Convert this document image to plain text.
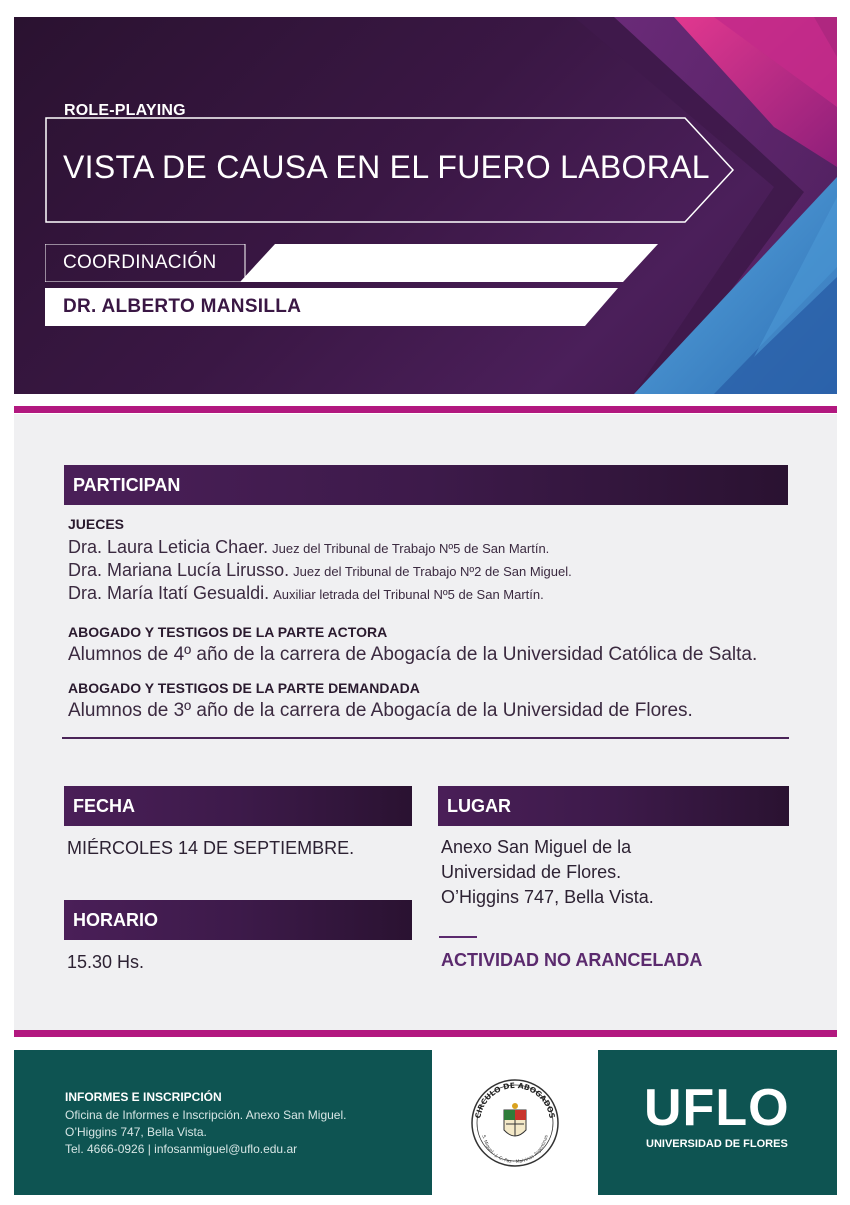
ROLE-PLAYING
VISTA DE CAUSA EN EL FUERO LABORAL
COORDINACIÓN
DR. ALBERTO MANSILLA
PARTICIPAN
JUECES
Dra. Laura Leticia Chaer. Juez del Tribunal de Trabajo Nº5 de San Martín.
Dra. Mariana Lucía Lirusso. Juez del Tribunal de Trabajo Nº2 de San Miguel.
Dra. María Itatí Gesualdi. Auxiliar letrada del Tribunal Nº5 de San Martín.
ABOGADO Y TESTIGOS DE LA PARTE ACTORA
Alumnos de 4º año de la carrera de Abogacía de la Universidad Católica de Salta.
ABOGADO Y TESTIGOS DE LA PARTE DEMANDADA
Alumnos de 3º año de la carrera de Abogacía de la Universidad de Flores.
FECHA
MIÉRCOLES 14 DE SEPTIEMBRE.
HORARIO
15.30 Hs.
LUGAR
Anexo San Miguel de la
Universidad de Flores.
O’Higgins 747, Bella Vista.
ACTIVIDAD NO ARANCELADA
INFORMES E INSCRIPCIÓN
Oficina de Informes e Inscripción. Anexo San Miguel.
O’Higgins 747, Bella Vista.
Tel. 4666-0926 | infosanmiguel@uflo.edu.ar
CIRCULO DE ABOGADOS
S. Miguel · J. C. Paz · Malvinas Argentinas UFLO
UNIVERSIDAD DE FLORES
